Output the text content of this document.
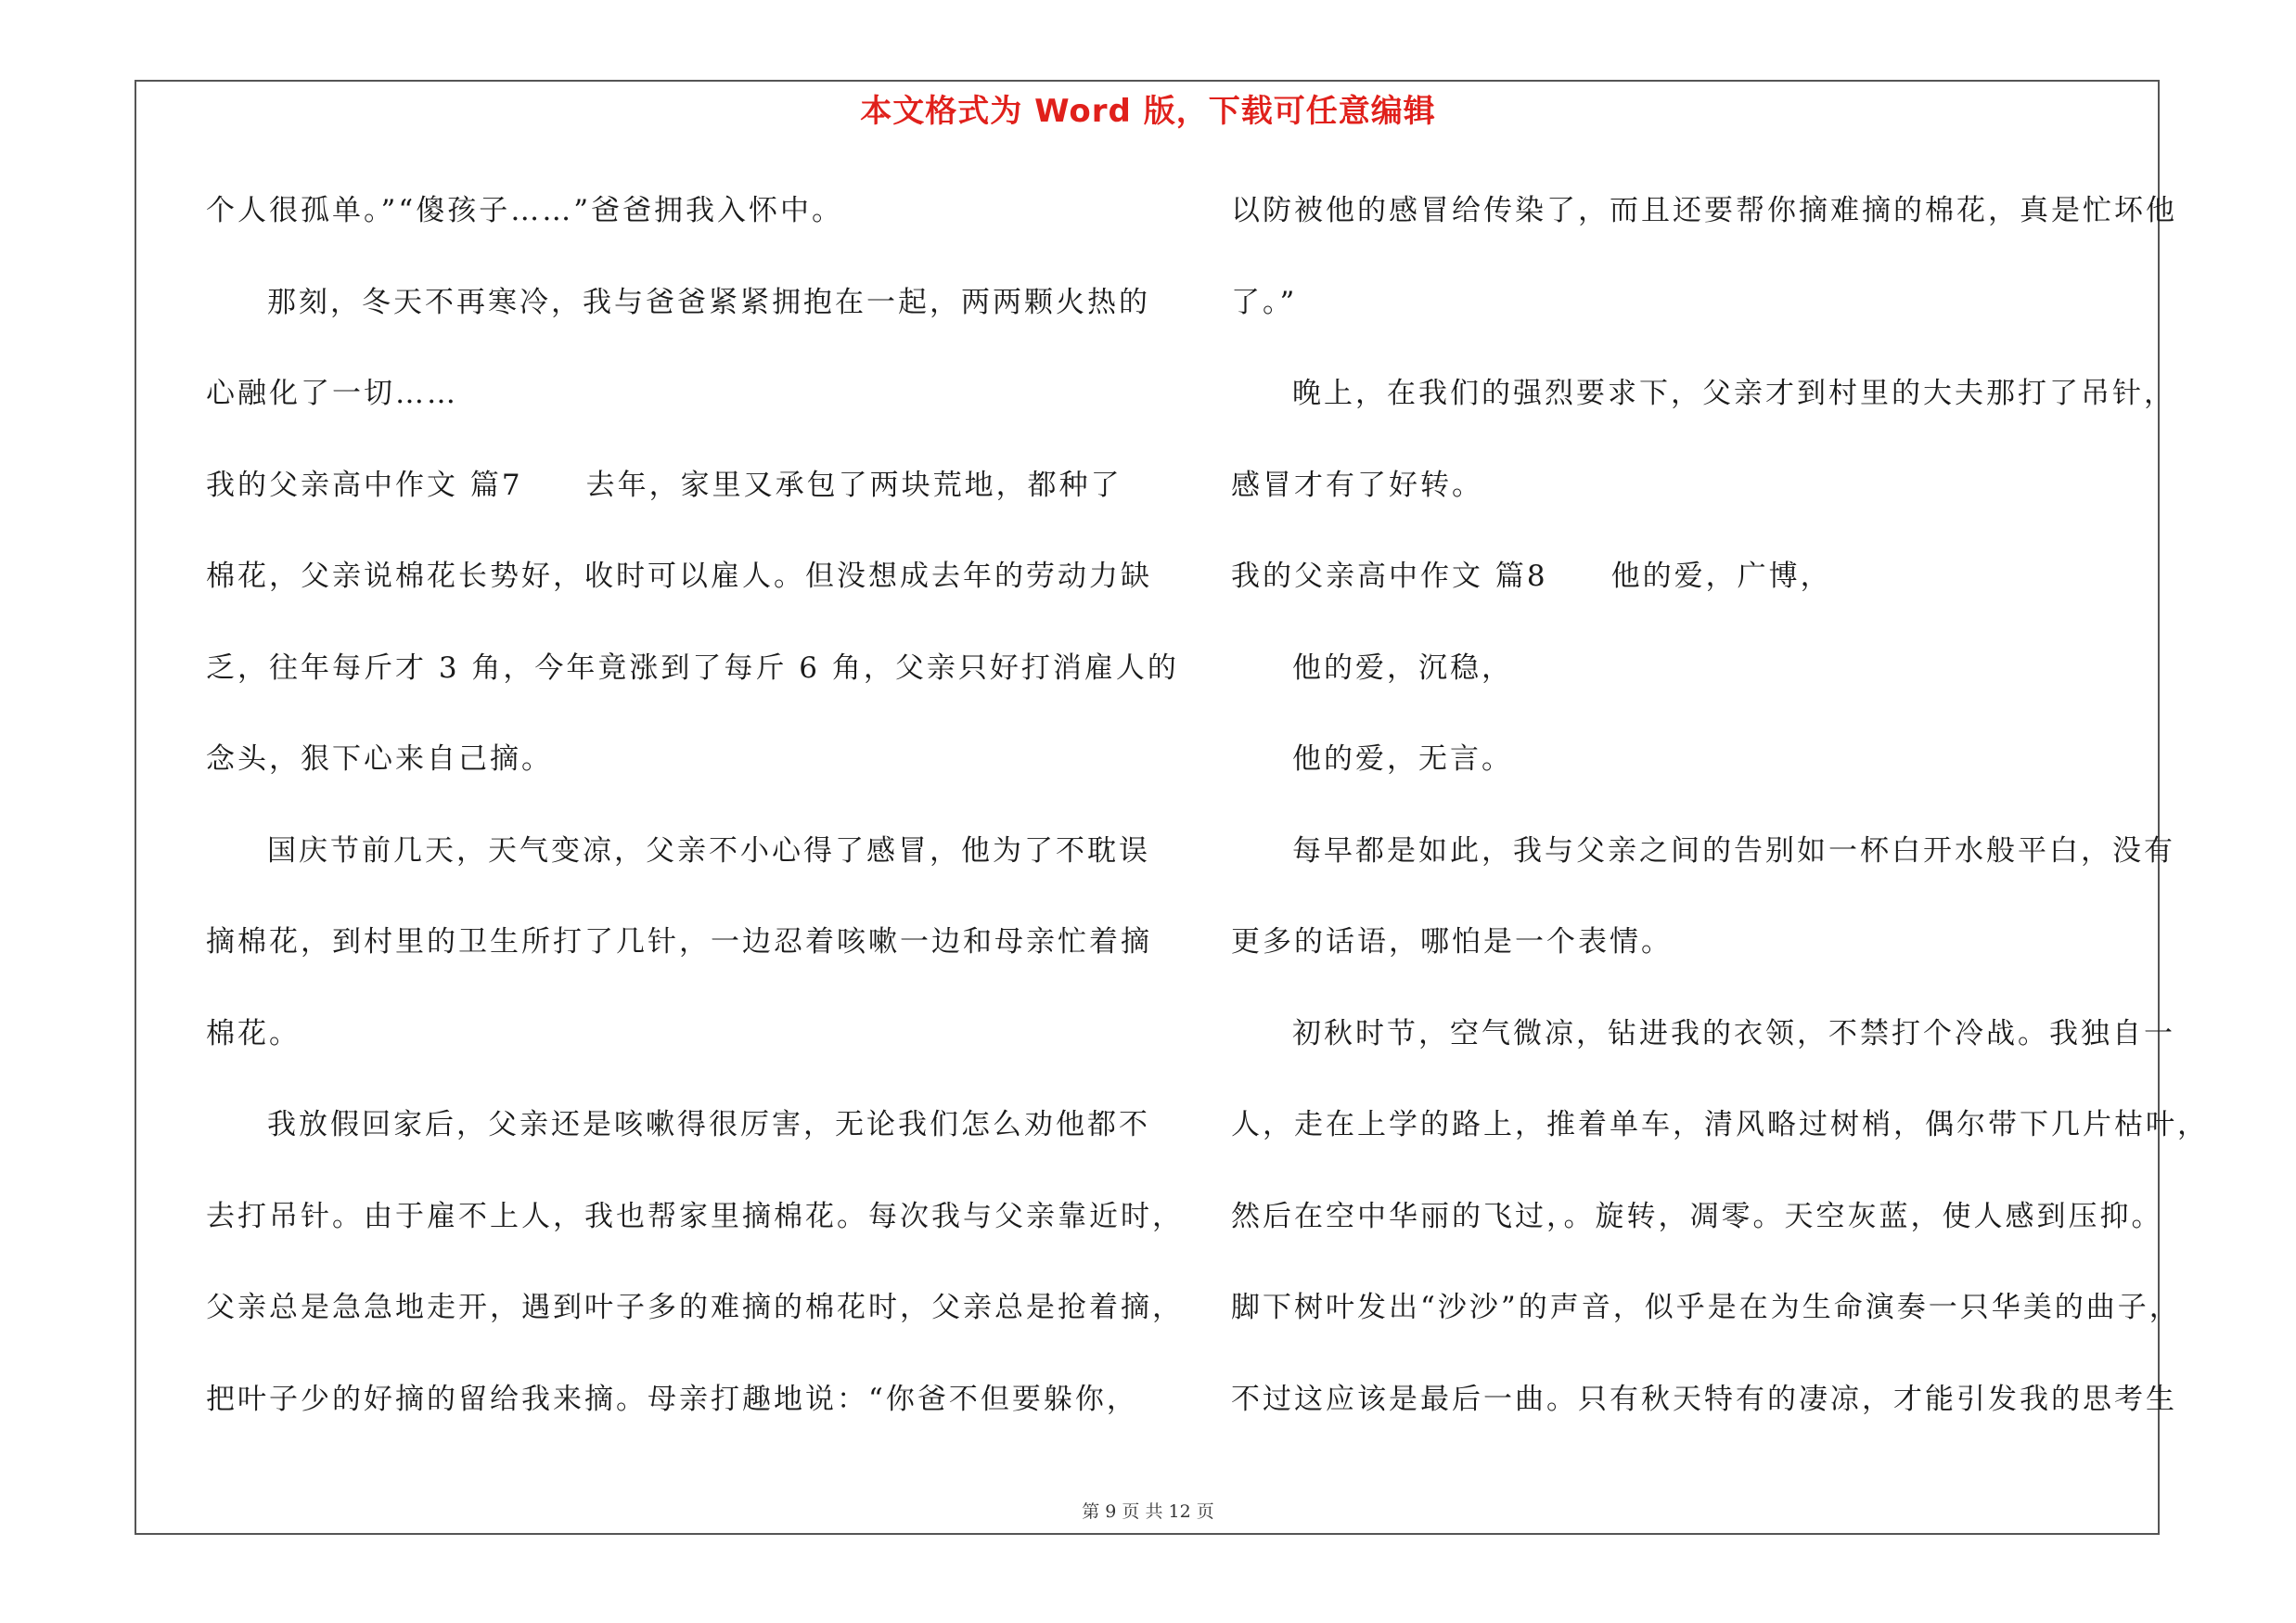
本文格式为 Word 版，下载可任意编辑
个人很孤单。”“傻孩子……”爸爸拥我入怀中。
那刻，冬天不再寒冷，我与爸爸紧紧拥抱在一起，两两颗火热的
心融化了一切……
我的父亲高中作文 篇7　　去年，家里又承包了两块荒地，都种了
棉花，父亲说棉花长势好，收时可以雇人。但没想成去年的劳动力缺
乏，往年每斤才 3 角，今年竟涨到了每斤 6 角，父亲只好打消雇人的
念头，狠下心来自己摘。
国庆节前几天，天气变凉，父亲不小心得了感冒，他为了不耽误
摘棉花，到村里的卫生所打了几针，一边忍着咳嗽一边和母亲忙着摘
棉花。
我放假回家后，父亲还是咳嗽得很厉害，无论我们怎么劝他都不
去打吊针。由于雇不上人，我也帮家里摘棉花。每次我与父亲靠近时，
父亲总是急急地走开，遇到叶子多的难摘的棉花时，父亲总是抢着摘，
把叶子少的好摘的留给我来摘。母亲打趣地说：“你爸不但要躲你，
以防被他的感冒给传染了，而且还要帮你摘难摘的棉花，真是忙坏他
了。”
晚上，在我们的强烈要求下，父亲才到村里的大夫那打了吊针，
感冒才有了好转。
我的父亲高中作文 篇8　　他的爱，广博，
他的爱，沉稳，
他的爱，无言。
每早都是如此，我与父亲之间的告别如一杯白开水般平白，没有
更多的话语，哪怕是一个表情。
初秋时节，空气微凉，钻进我的衣领，不禁打个冷战。我独自一
人，走在上学的路上，推着单车，清风略过树梢，偶尔带下几片枯叶，
然后在空中华丽的飞过，。旋转，凋零。天空灰蓝，使人感到压抑。
脚下树叶发出“沙沙”的声音，似乎是在为生命演奏一只华美的曲子，
不过这应该是最后一曲。只有秋天特有的凄凉，才能引发我的思考生
第 9 页 共 12 页
